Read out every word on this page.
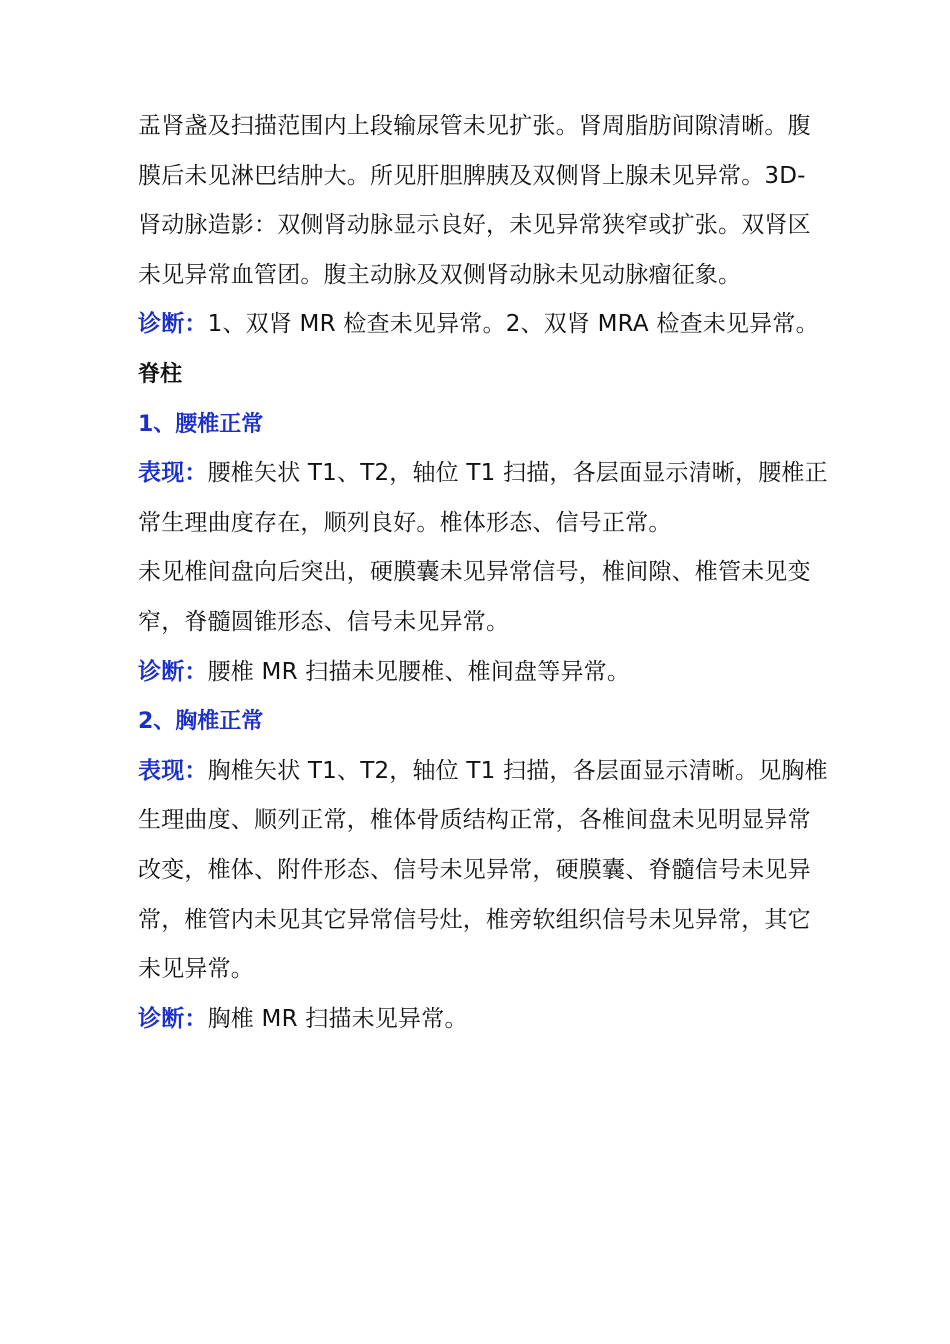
盂肾盏及扫描范围内上段输尿管未见扩张。肾周脂肪间隙清晰。腹膜后未见淋巴结肿大。所见肝胆脾胰及双侧肾上腺未见异常。3D-肾动脉造影：双侧肾动脉显示良好，未见异常狭窄或扩张。双肾区未见异常血管团。腹主动脉及双侧肾动脉未见动脉瘤征象。

诊断：1、双肾 MR 检查未见异常。2、双肾 MRA 检查未见异常。

脊柱

1、腰椎正常

表现：腰椎矢状 T1、T2，轴位 T1 扫描，各层面显示清晰，腰椎正常生理曲度存在，顺列良好。椎体形态、信号正常。

未见椎间盘向后突出，硬膜囊未见异常信号，椎间隙、椎管未见变窄，脊髓圆锥形态、信号未见异常。

诊断：腰椎 MR 扫描未见腰椎、椎间盘等异常。

2、胸椎正常

表现：胸椎矢状 T1、T2，轴位 T1 扫描，各层面显示清晰。见胸椎生理曲度、顺列正常，椎体骨质结构正常，各椎间盘未见明显异常改变，椎体、附件形态、信号未见异常，硬膜囊、脊髓信号未见异常，椎管内未见其它异常信号灶，椎旁软组织信号未见异常，其它未见异常。

诊断：胸椎 MR 扫描未见异常。
